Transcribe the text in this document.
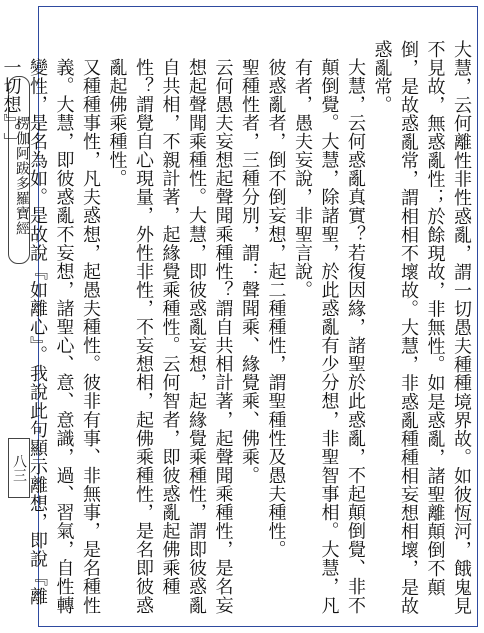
楞伽阿跋多羅寶經
八三	大慧，云何離性非性惑亂，謂一切愚夫種種境界故。如彼恆河，餓鬼見不見故，無惑亂性；於餘現故，非無性。如是惑亂，諸聖離顛倒不顛倒，是故惑亂常，謂相相不壞故。大慧，非惑亂種種相妄想相壞，是故惑亂常。

大慧，云何惑亂真實？若復因緣，諸聖於此惑亂，不起顛倒覺、非不顛倒覺。大慧，除諸聖，於此惑亂有少分想，非聖智事相。大慧，凡有者，愚夫妄說，非聖言說。

彼惑亂者，倒不倒妄想，起二種種性，謂聖種性及愚夫種性。

聖種性者，三種分別，謂：聲聞乘、緣覺乘、佛乘。

云何愚夫妄想起聲聞乘種性？謂自共相計著，起聲聞乘種性，是名妄想起聲聞乘種性。大慧，即彼惑亂妄想，起緣覺乘種性，謂即彼惑亂自共相，不親計著，起緣覺乘種性。云何智者，即彼惑亂起佛乘種性？謂覺自心現量，外性非性，不妄想相，起佛乘種性，是名即彼惑亂起佛乘種性。

又種種事性，凡夫惑想，起愚夫種性。彼非有事、非無事，是名種性義。大慧，即彼惑亂不妄想，諸聖心、意、意識，過、習氣，自性轉變性，是名為如。是故說『如離心』。我說此句顯示離想，即說『離一切想』。」
